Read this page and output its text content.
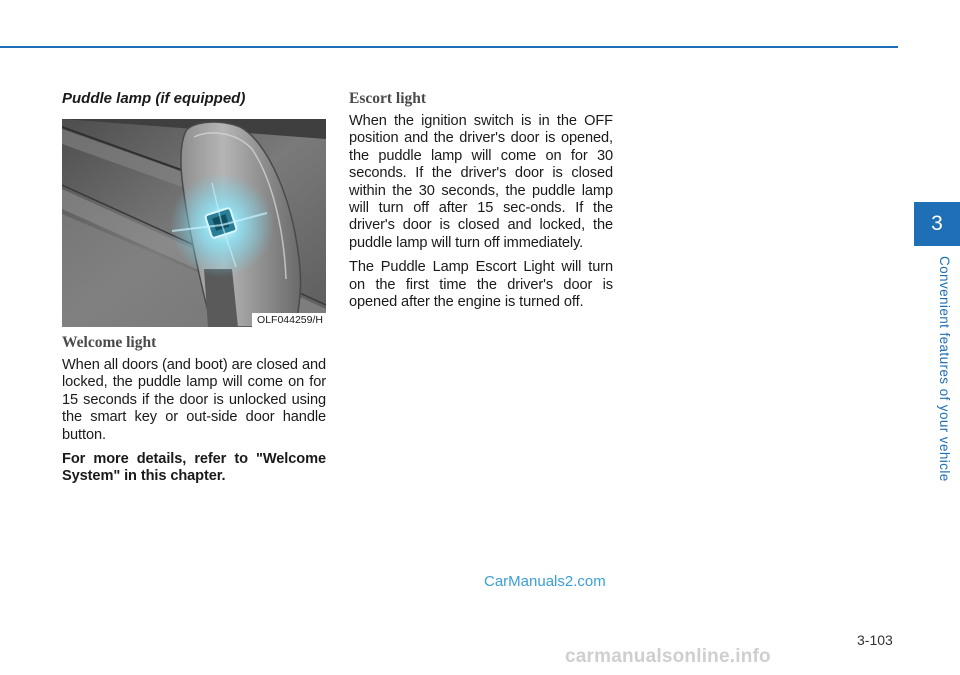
Puddle lamp (if equipped)
OLF044259/H
Welcome light

When all doors (and boot) are closed and locked, the puddle lamp will come on for 15 seconds if the door is unlocked using the smart key or out-side door handle button.

For more details, refer to "Welcome System" in this chapter.

Escort light

When the ignition switch is in the OFF position and the driver's door is opened, the puddle lamp will come on for 30 seconds. If the driver's door is closed within the 30 seconds, the puddle lamp will turn off after 15 sec-onds. If the driver's door is closed and locked, the puddle lamp will turn off immediately.

The Puddle Lamp Escort Light will turn on the first time the driver's door is opened after the engine is turned off.

3
Convenient features of your vehicle
CarManuals2.com
3-103
carmanualsonline.info
